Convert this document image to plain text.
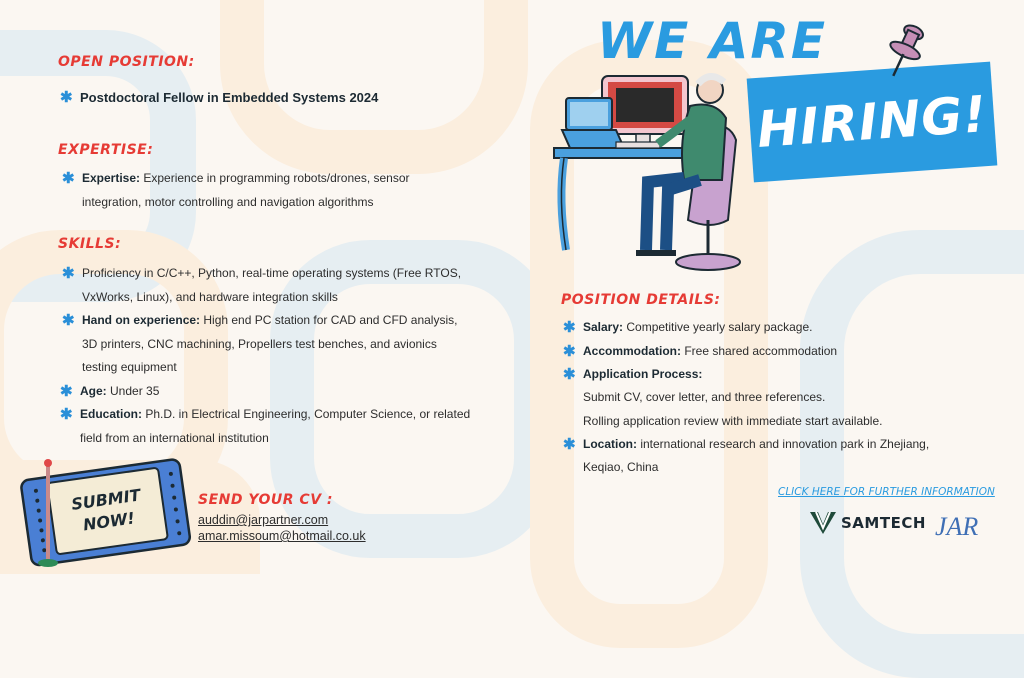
OPEN POSITION:
✱ Postdoctoral Fellow in Embedded Systems 2024
EXPERTISE:
✱ Expertise: Experience in programming robots/drones, sensor
integration, motor controlling and navigation algorithms
SKILLS:
✱ Proficiency in C/C++, Python, real-time operating systems (Free RTOS,
VxWorks, Linux), and hardware integration skills
✱ Hand on experience: High end PC station for CAD and CFD analysis,
3D printers, CNC machining, Propellers test benches, and avionics
testing equipment
✱ Age: Under 35
✱ Education: Ph.D. in Electrical Engineering, Computer Science, or related
field from an international institution
SUBMIT
NOW!
SEND YOUR CV :
auddin@jarpartner.com
amar.missoum@hotmail.co.uk
WE ARE
HIRING!
POSITION DETAILS:
✱ Salary: Competitive yearly salary package.
✱ Accommodation: Free shared accommodation
✱ Application Process:
Submit CV, cover letter, and three references.
Rolling application review with immediate start available.
✱ Location: international research and innovation park in Zhejiang,
Keqiao, China
CLICK HERE FOR FURTHER INFORMATION
SAMTECH JAR
